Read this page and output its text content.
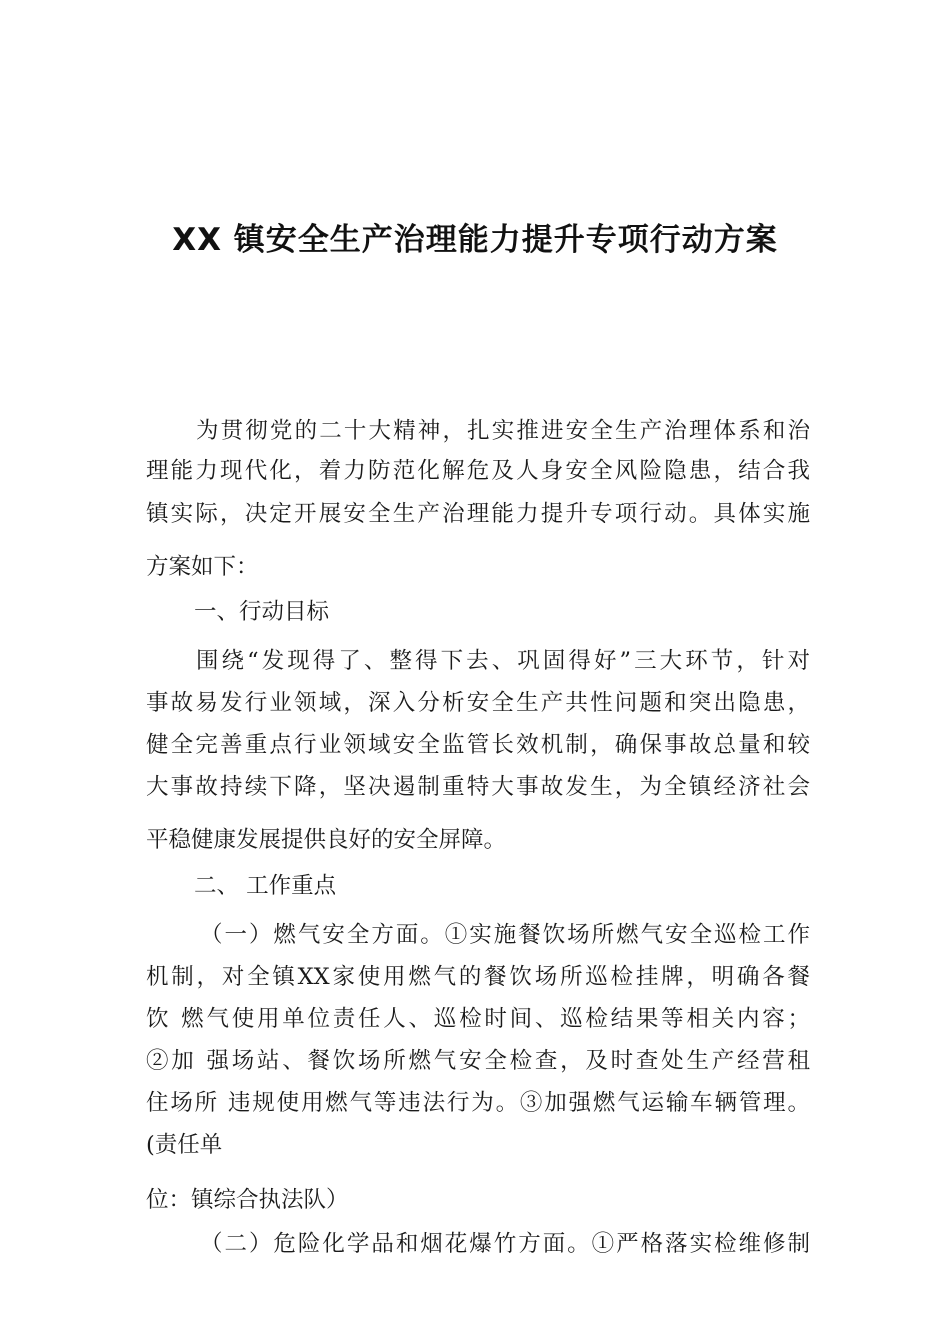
XX 镇安全生产治理能力提升专项行动方案
为贯彻党的二十大精神，扎实推进安全生产治理体系和治
理能力现代化，着力防范化解危及人身安全风险隐患，结合我
镇实际，决定开展安全生产治理能力提升专项行动。具体实施
方案如下：
一、行动目标
围绕“发现得了、整得下去、巩固得好”三大环节，针对
事故易发行业领域，深入分析安全生产共性问题和突出隐患，
健全完善重点行业领域安全监管长效机制，确保事故总量和较
大事故持续下降，坚决遏制重特大事故发生，为全镇经济社会
平稳健康发展提供良好的安全屏障。
二、 工作重点
（一）燃气安全方面。①实施餐饮场所燃气安全巡检工作
机制，对全镇XX家使用燃气的餐饮场所巡检挂牌，明确各餐
饮 燃气使用单位责任人、巡检时间、巡检结果等相关内容；
②加 强场站、餐饮场所燃气安全检查，及时查处生产经营租
住场所 违规使用燃气等违法行为。③加强燃气运输车辆管理。
(责任单
位：镇综合执法队）
（二）危险化学品和烟花爆竹方面。①严格落实检维修制
